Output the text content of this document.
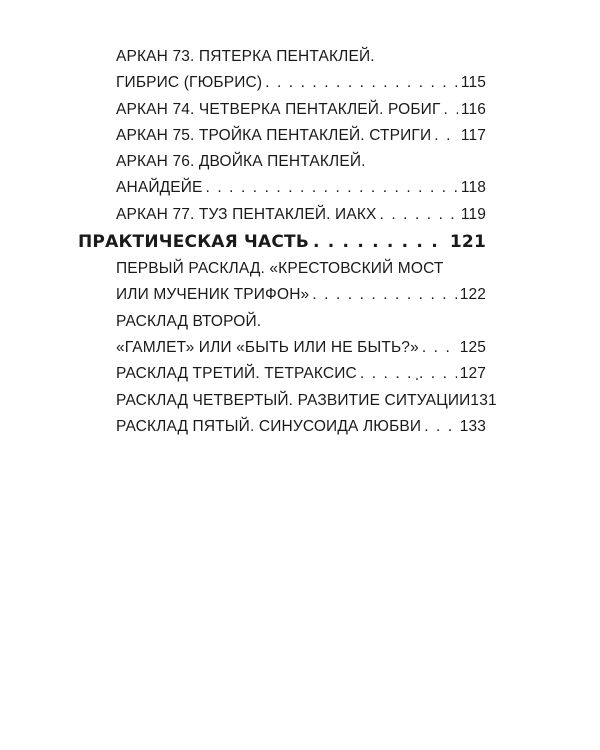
АРКАН 73. ПЯТЕРКА ПЕНТАКЛЕЙ.
ГИБРИС (ГЮБРИС) . . .	115
АРКАН 74. ЧЕТВЕРКА ПЕНТАКЛЕЙ. РОБИГ . . . 116
АРКАН 75. ТРОЙКА ПЕНТАКЛЕЙ. СТРИГИ . . . 117
АРКАН 76. ДВОЙКА ПЕНТАКЛЕЙ.
АНАЙДЕЙЕ . . .	118
АРКАН 77. ТУЗ ПЕНТАКЛЕЙ. ИАКХ . . .	119
ПРАКТИЧЕСКАЯ ЧАСТЬ . . .	121
ПЕРВЫЙ РАСКЛАД. «КРЕСТОВСКИЙ МОСТ
ИЛИ МУЧЕНИК ТРИФОН» . . .	122
РАСКЛАД ВТОРОЙ.
«ГАМЛЕТ» ИЛИ «БЫТЬ ИЛИ НЕ БЫТЬ?» . . .	125
РАСКЛАД ТРЕТИЙ. ТЕТРАКСИС . . .	127
РАСКЛАД ЧЕТВЕРТЫЙ. РАЗВИТИЕ СИТУАЦИИ 131
РАСКЛАД ПЯТЫЙ. СИНУСОИДА ЛЮБВИ . . . 133
